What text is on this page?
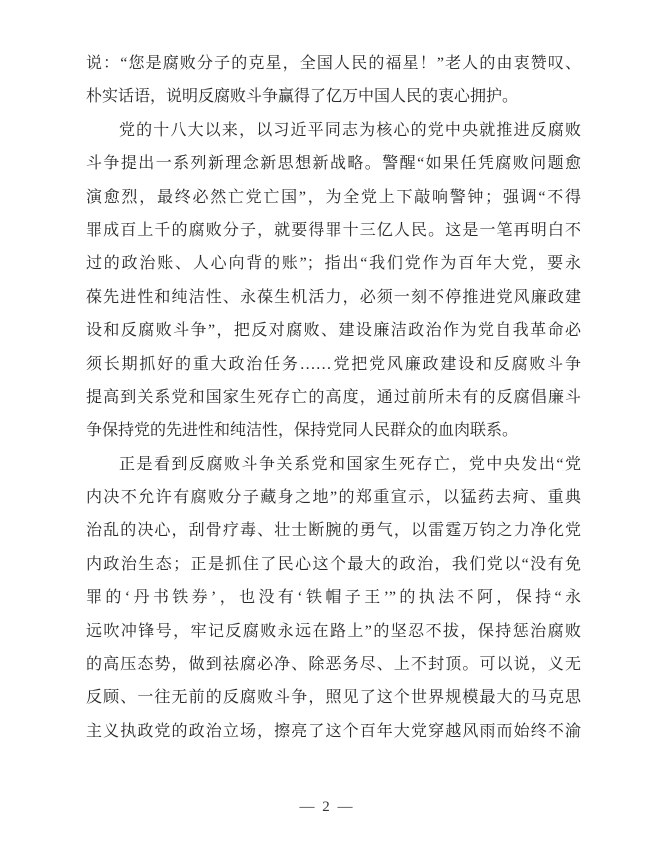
说：“您是腐败分子的克星，全国人民的福星！”老人的由衷赞叹、
朴实话语，说明反腐败斗争赢得了亿万中国人民的衷心拥护。
党的十八大以来，以习近平同志为核心的党中央就推进反腐败
斗争提出一系列新理念新思想新战略。警醒“如果任凭腐败问题愈
演愈烈，最终必然亡党亡国”，为全党上下敲响警钟；强调“不得
罪成百上千的腐败分子，就要得罪十三亿人民。这是一笔再明白不
过的政治账、人心向背的账”；指出“我们党作为百年大党，要永
葆先进性和纯洁性、永葆生机活力，必须一刻不停推进党风廉政建
设和反腐败斗争”，把反对腐败、建设廉洁政治作为党自我革命必
须长期抓好的重大政治任务……党把党风廉政建设和反腐败斗争
提高到关系党和国家生死存亡的高度，通过前所未有的反腐倡廉斗
争保持党的先进性和纯洁性，保持党同人民群众的血肉联系。
正是看到反腐败斗争关系党和国家生死存亡，党中央发出“党
内决不允许有腐败分子藏身之地”的郑重宣示，以猛药去疴、重典
治乱的决心，刮骨疗毒、壮士断腕的勇气，以雷霆万钧之力净化党
内政治生态；正是抓住了民心这个最大的政治，我们党以“没有免
罪的‘丹书铁券’，也没有‘铁帽子王’”的执法不阿，保持“永
远吹冲锋号，牢记反腐败永远在路上”的坚忍不拔，保持惩治腐败
的高压态势，做到祛腐必净、除恶务尽、上不封顶。可以说，义无
反顾、一往无前的反腐败斗争，照见了这个世界规模最大的马克思
主义执政党的政治立场，擦亮了这个百年大党穿越风雨而始终不渝
— 2 —
